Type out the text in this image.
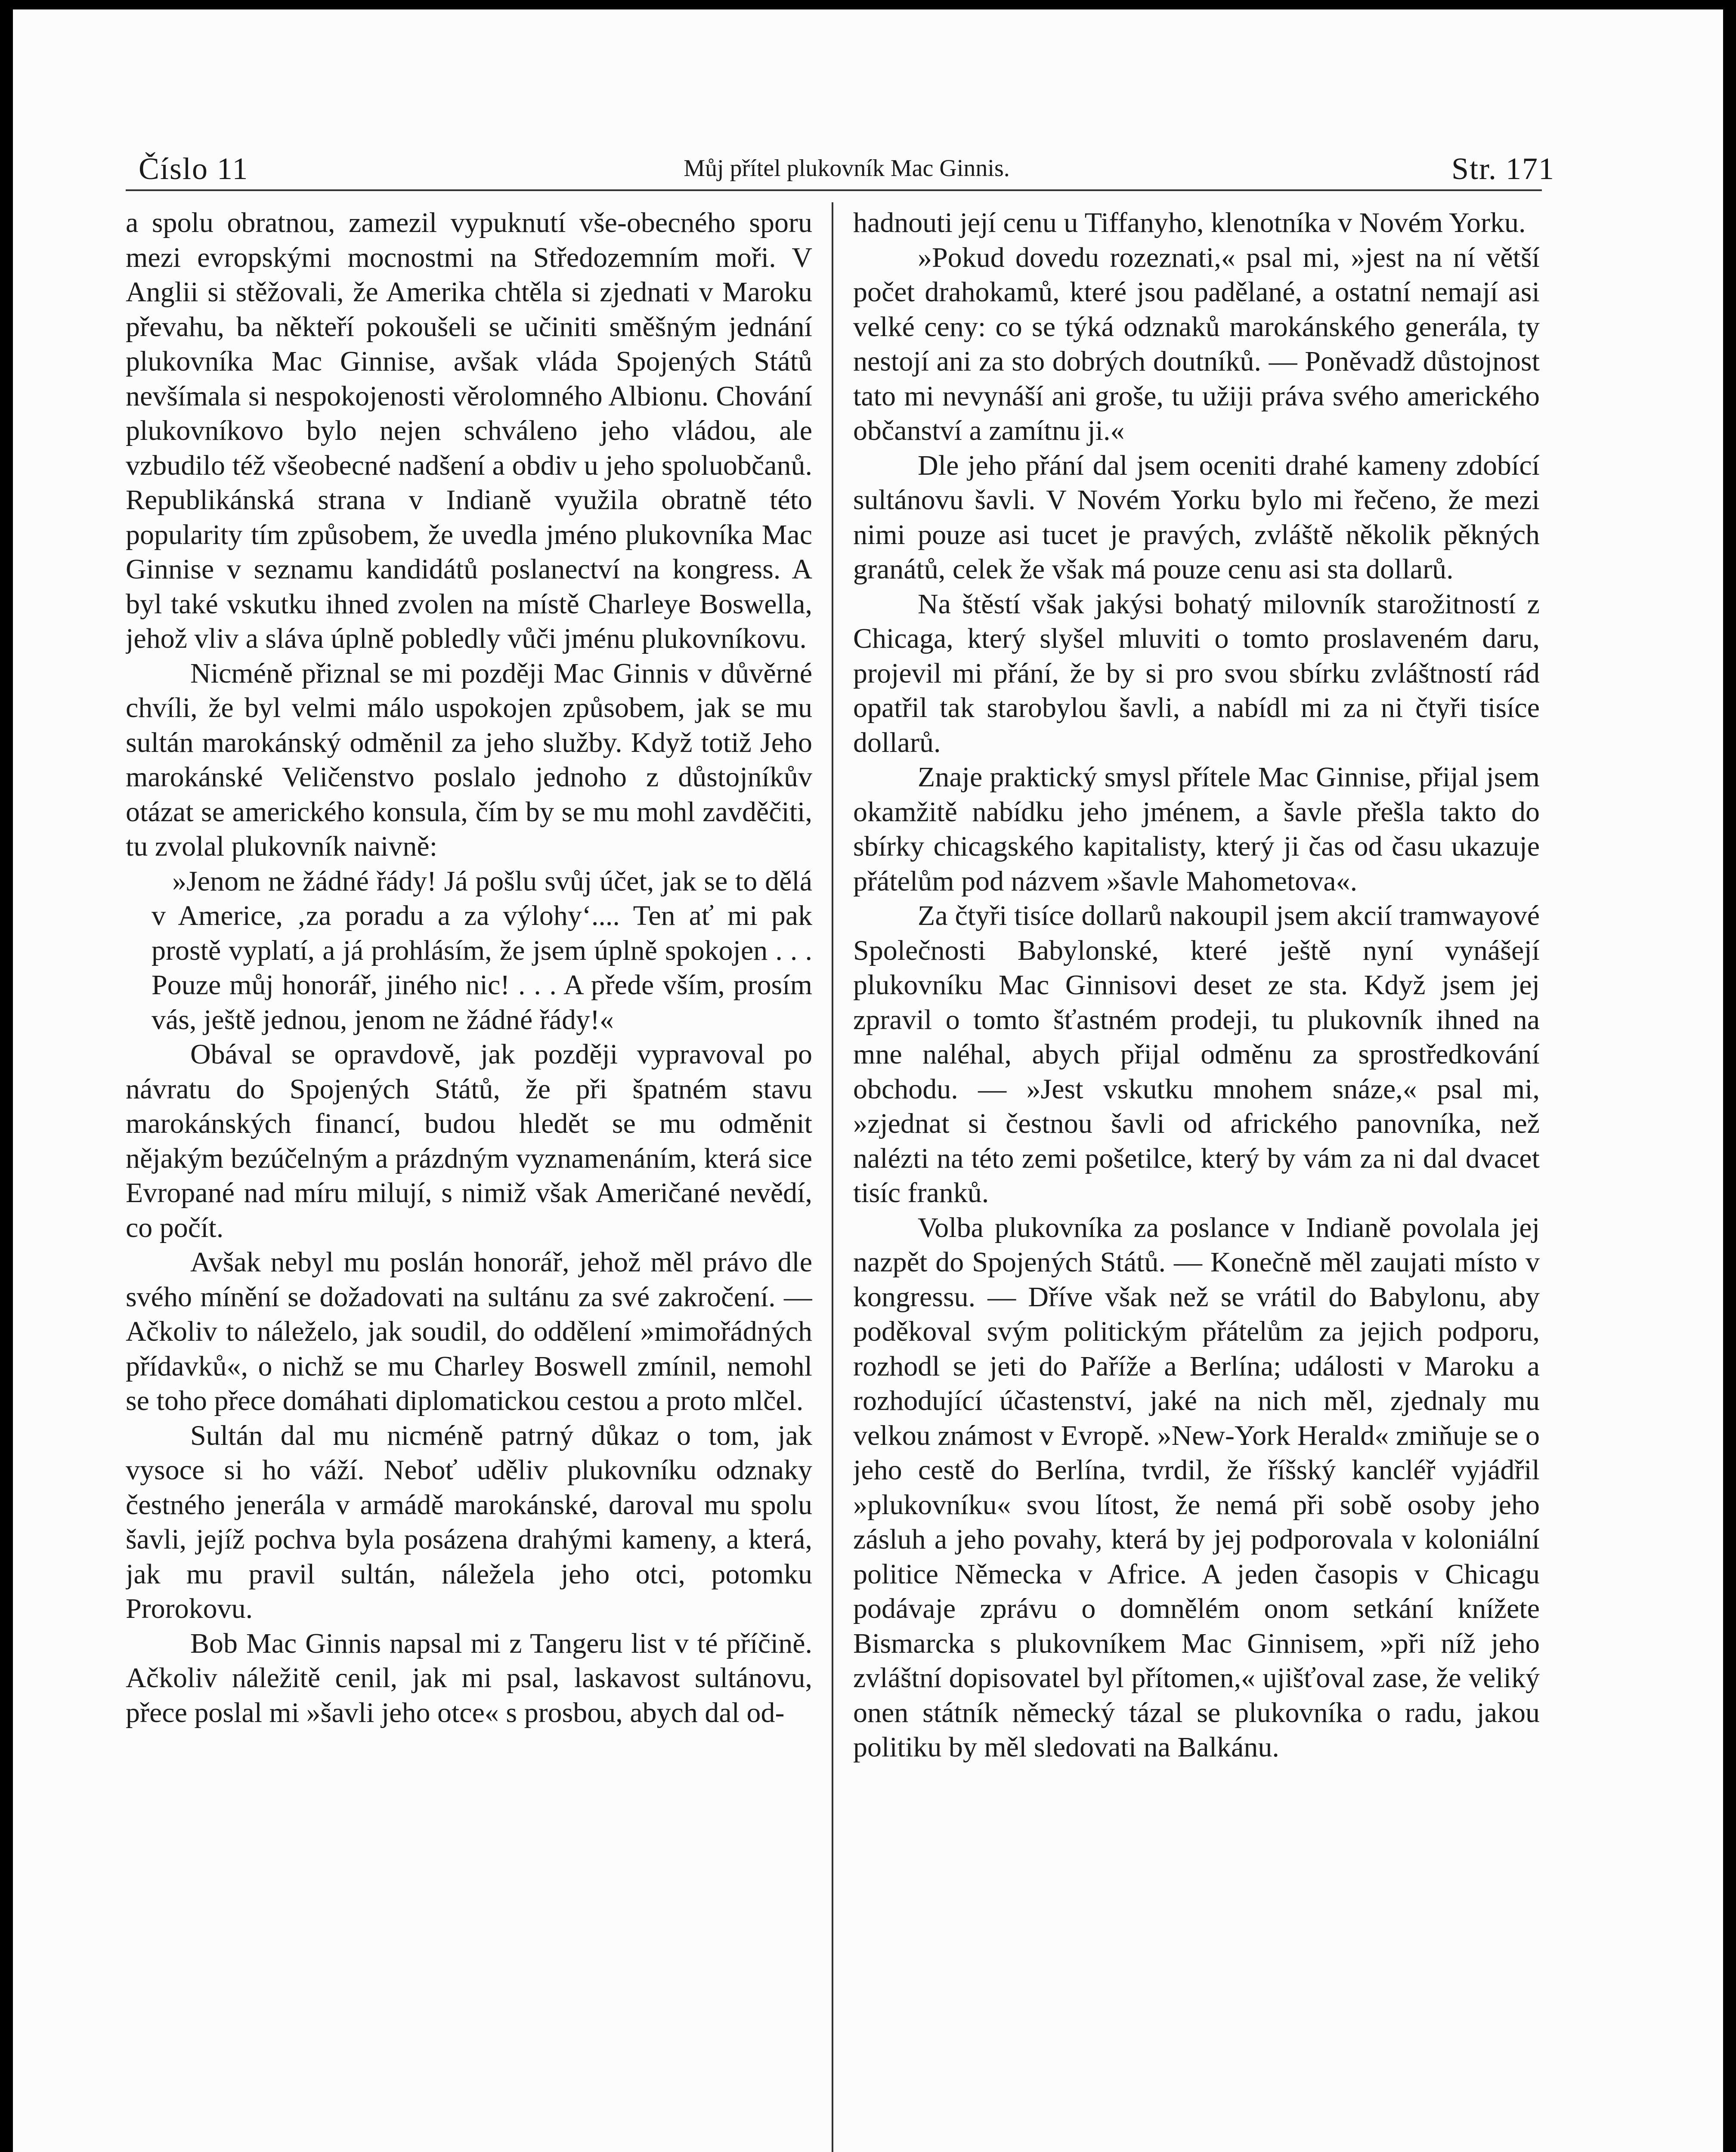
Číslo 11	Můj přítel plukovník Mac Ginnis.	Str. 171

a spolu obratnou, zamezil vypuknutí vše-obecného sporu mezi evropskými mocnostmi na Středozemním moři. V Anglii si stěžovali, že Amerika chtěla si zjednati v Maroku převahu, ba někteří pokoušeli se učiniti směšným jednání plukovníka Mac Ginnise, avšak vláda Spojených Států nevšímala si nespokojenosti věrolomného Albionu. Chování plukovníkovo bylo nejen schváleno jeho vládou, ale vzbudilo též všeobecné nadšení a obdiv u jeho spoluobčanů. Republikánská strana v Indianě využila obratně této popularity tím způsobem, že uvedla jméno plukovníka Mac Ginnise v seznamu kandidátů poslanectví na kongress. A byl také vskutku ihned zvolen na místě Charleye Boswella, jehož vliv a sláva úplně pobledly vůči jménu plukovníkovu.

Nicméně přiznal se mi později Mac Ginnis v důvěrné chvíli, že byl velmi málo uspokojen způsobem, jak se mu sultán marokánský odměnil za jeho služby. Když totiž Jeho marokánské Veličenstvo poslalo jednoho z důstojníkův otázat se amerického konsula, čím by se mu mohl zavděčiti, tu zvolal plukovník naivně:

»Jenom ne žádné řády! Já pošlu svůj účet, jak se to dělá v Americe, ‚za poradu a za výlohy‘.... Ten ať mi pak prostě vyplatí, a já prohlásím, že jsem úplně spokojen . . . Pouze můj honorář, jiného nic! . . . A přede vším, prosím vás, ještě jednou, jenom ne žádné řády!«

Obával se opravdově, jak později vypravoval po návratu do Spojených Států, že při špatném stavu marokánských financí, budou hledět se mu odměnit nějakým bezúčelným a prázdným vyznamenáním, která sice Evropané nad míru milují, s nimiž však Američané nevědí, co počít.

Avšak nebyl mu poslán honorář, jehož měl právo dle svého mínění se dožadovati na sultánu za své zakročení. — Ačkoliv to náleželo, jak soudil, do oddělení »mimořádných přídavků«, o nichž se mu Charley Boswell zmínil, nemohl se toho přece domáhati diplomatickou cestou a proto mlčel.

Sultán dal mu nicméně patrný důkaz o tom, jak vysoce si ho váží. Neboť uděliv plukovníku odznaky čestného jenerála v armádě marokánské, daroval mu spolu šavli, jejíž pochva byla posázena drahými kameny, a která, jak mu pravil sultán, náležela jeho otci, potomku Prorokovu.

Bob Mac Ginnis napsal mi z Tangeru list v té příčině. Ačkoliv náležitě cenil, jak mi psal, laskavost sultánovu, přece poslal mi »šavli jeho otce« s prosbou, abych dal od-

hadnouti její cenu u Tiffanyho, klenotníka v Novém Yorku.

»Pokud dovedu rozeznati,« psal mi, »jest na ní větší počet drahokamů, které jsou padělané, a ostatní nemají asi velké ceny: co se týká odznaků marokánského generála, ty nestojí ani za sto dobrých doutníků. — Poněvadž důstojnost tato mi nevynáší ani groše, tu užiji práva svého amerického občanství a zamítnu ji.«

Dle jeho přání dal jsem oceniti drahé kameny zdobící sultánovu šavli. V Novém Yorku bylo mi řečeno, že mezi nimi pouze asi tucet je pravých, zvláště několik pěkných granátů, celek že však má pouze cenu asi sta dollarů.

Na štěstí však jakýsi bohatý milovník starožitností z Chicaga, který slyšel mluviti o tomto proslaveném daru, projevil mi přání, že by si pro svou sbírku zvláštností rád opatřil tak starobylou šavli, a nabídl mi za ni čtyři tisíce dollarů.

Znaje praktický smysl přítele Mac Ginnise, přijal jsem okamžitě nabídku jeho jménem, a šavle přešla takto do sbírky chicagského kapitalisty, který ji čas od času ukazuje přátelům pod názvem »šavle Mahometova«.

Za čtyři tisíce dollarů nakoupil jsem akcií tramwayové Společnosti Babylonské, které ještě nyní vynášejí plukovníku Mac Ginnisovi deset ze sta. Když jsem jej zpravil o tomto šťastném prodeji, tu plukovník ihned na mne naléhal, abych přijal odměnu za sprostředkování obchodu. — »Jest vskutku mnohem snáze,« psal mi, »zjednat si čestnou šavli od afrického panovníka, než nalézti na této zemi pošetilce, který by vám za ni dal dvacet tisíc franků.

Volba plukovníka za poslance v Indianě povolala jej nazpět do Spojených Států. — Konečně měl zaujati místo v kongressu. — Dříve však než se vrátil do Babylonu, aby poděkoval svým politickým přátelům za jejich podporu, rozhodl se jeti do Paříže a Berlína; události v Maroku a rozhodující účastenství, jaké na nich měl, zjednaly mu velkou známost v Evropě. »New-York Herald« zmiňuje se o jeho cestě do Berlína, tvrdil, že říšský kancléř vyjádřil »plukovníku« svou lítost, že nemá při sobě osoby jeho zásluh a jeho povahy, která by jej podporovala v koloniální politice Německa v Africe. A jeden časopis v Chicagu podávaje zprávu o domnělém onom setkání knížete Bismarcka s plukovníkem Mac Ginnisem, »při níž jeho zvláštní dopisovatel byl přítomen,« ujišťoval zase, že veliký onen státník německý tázal se plukovníka o radu, jakou politiku by měl sledovati na Balkánu.
